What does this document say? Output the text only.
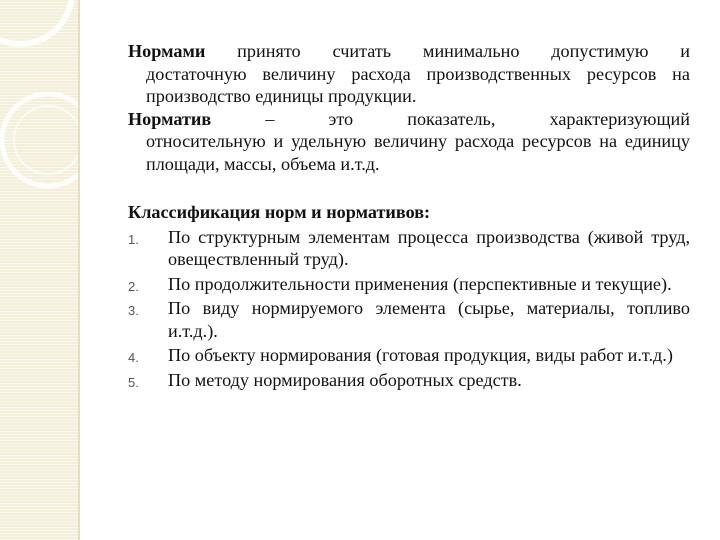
Нормами принято считать минимально допустимую и
достаточную величину расхода производственных ресурсов на производство единицы продукции.

Норматив	– это показатель, характеризующий
относительную и удельную величину расхода ресурсов на единицу площади, массы, объема и.т.д.

Классификация норм и нормативов:

1. По структурным элементам процесса производства (живой труд, овеществленный труд).
2. По продолжительности применения (перспективные и текущие).
3. По виду нормируемого элемента (сырье, материалы, топливо и.т.д.).
4. По объекту нормирования (готовая продукция, виды работ и.т.д.)
5. По методу нормирования оборотных средств.
